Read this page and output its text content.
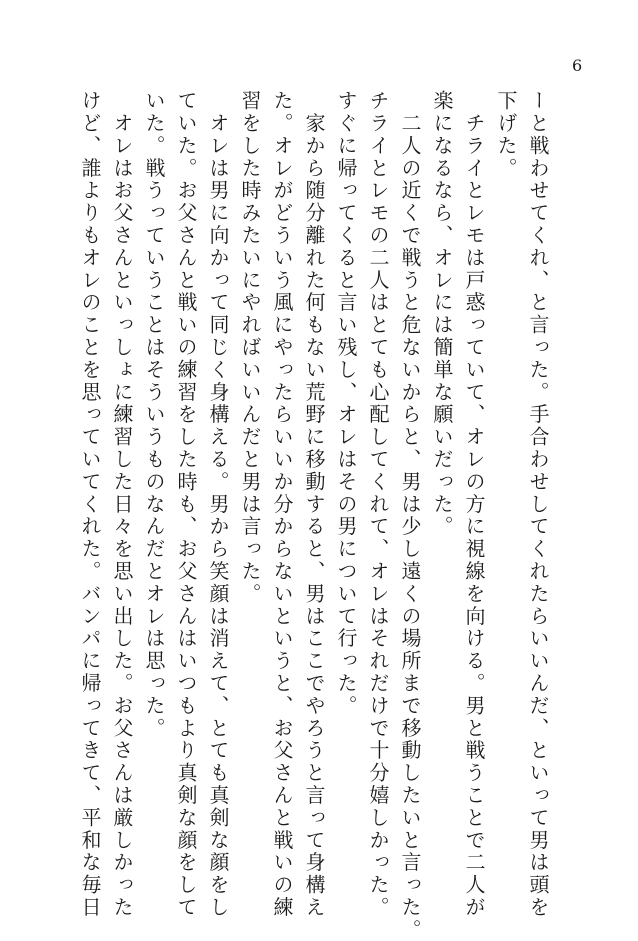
6
ーと戦わせてくれ、と言った。手合わせしてくれたらいいんだ、といって男は頭を
下げた。
　チライとレモは戸惑っていて、オレの方に視線を向ける。男と戦うことで二人が
楽になるなら、オレには簡単な願いだった。
　二人の近くで戦うと危ないからと、男は少し遠くの場所まで移動したいと言った。
チライとレモの二人はとても心配してくれて、オレはそれだけで十分嬉しかった。
すぐに帰ってくると言い残し、オレはその男について行った。
　家から随分離れた何もない荒野に移動すると、男はここでやろうと言って身構え
た。オレがどういう風にやったらいいか分からないというと、お父さんと戦いの練
習をした時みたいにやればいいんだと男は言った。
　オレは男に向かって同じく身構える。男から笑顔は消えて、とても真剣な顔をし
ていた。お父さんと戦いの練習をした時も、お父さんはいつもより真剣な顔をして
いた。戦うっていうことはそういうものなんだとオレは思った。
　オレはお父さんといっしょに練習した日々を思い出した。お父さんは厳しかった
けど、誰よりもオレのことを思っていてくれた。バンパに帰ってきて、平和な毎日
